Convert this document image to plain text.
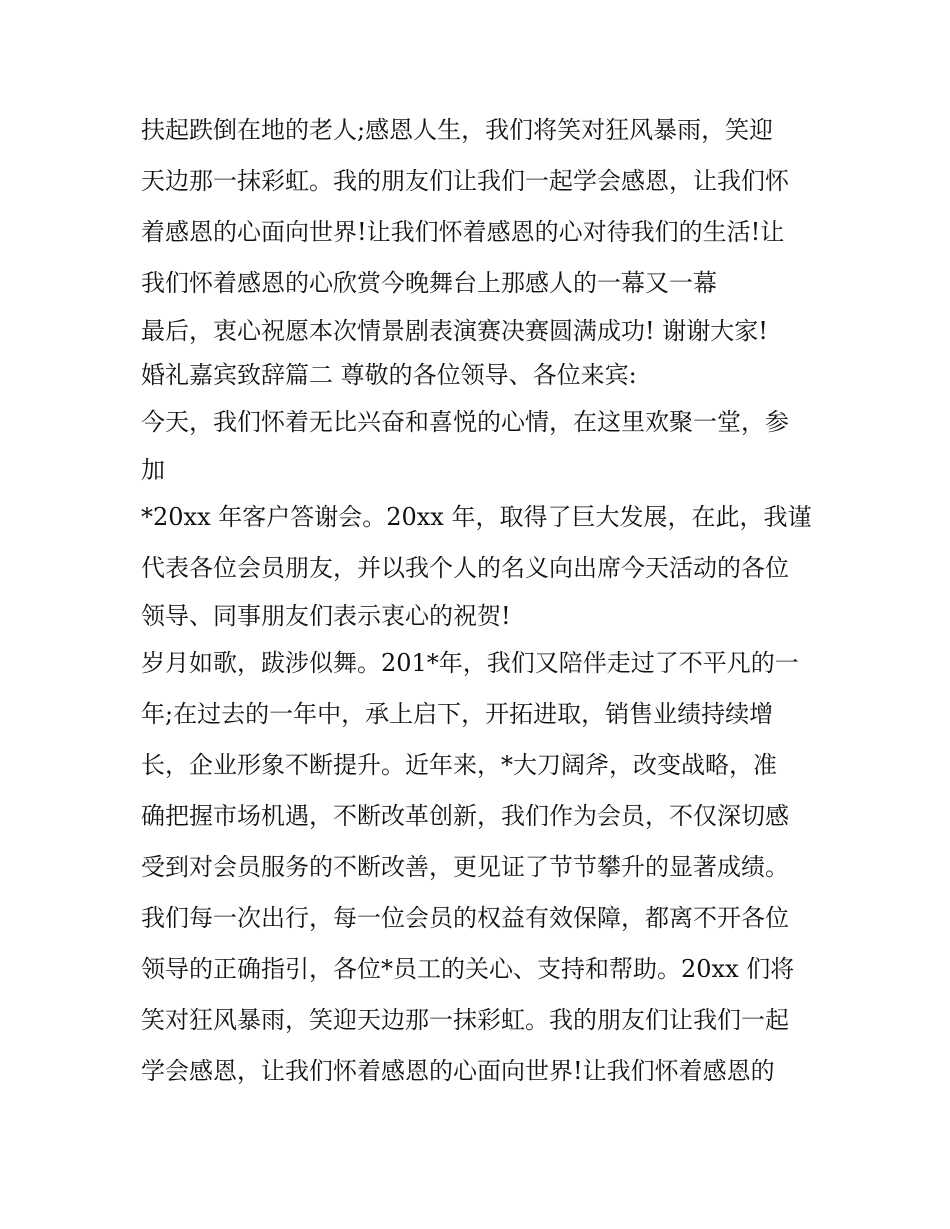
扶起跌倒在地的老人;感恩人生，我们将笑对狂风暴雨，笑迎
天边那一抹彩虹。我的朋友们让我们一起学会感恩，让我们怀
着感恩的心面向世界!让我们怀着感恩的心对待我们的生活!让
我们怀着感恩的心欣赏今晚舞台上那感人的一幕又一幕
最后，衷心祝愿本次情景剧表演赛决赛圆满成功! 谢谢大家!
婚礼嘉宾致辞篇二 尊敬的各位领导、各位来宾:
今天，我们怀着无比兴奋和喜悦的心情，在这里欢聚一堂，参
加
*20xx 年客户答谢会。20xx 年，取得了巨大发展，在此，我谨
代表各位会员朋友，并以我个人的名义向出席今天活动的各位
领导、同事朋友们表示衷心的祝贺!
岁月如歌，跋涉似舞。201*年，我们又陪伴走过了不平凡的一
年;在过去的一年中，承上启下，开拓进取，销售业绩持续增
长，企业形象不断提升。近年来，*大刀阔斧，改变战略，准
确把握市场机遇，不断改革创新，我们作为会员，不仅深切感
受到对会员服务的不断改善，更见证了节节攀升的显著成绩。
我们每一次出行，每一位会员的权益有效保障，都离不开各位
领导的正确指引，各位*员工的关心、支持和帮助。20xx 们将
笑对狂风暴雨，笑迎天边那一抹彩虹。我的朋友们让我们一起
学会感恩，让我们怀着感恩的心面向世界!让我们怀着感恩的
